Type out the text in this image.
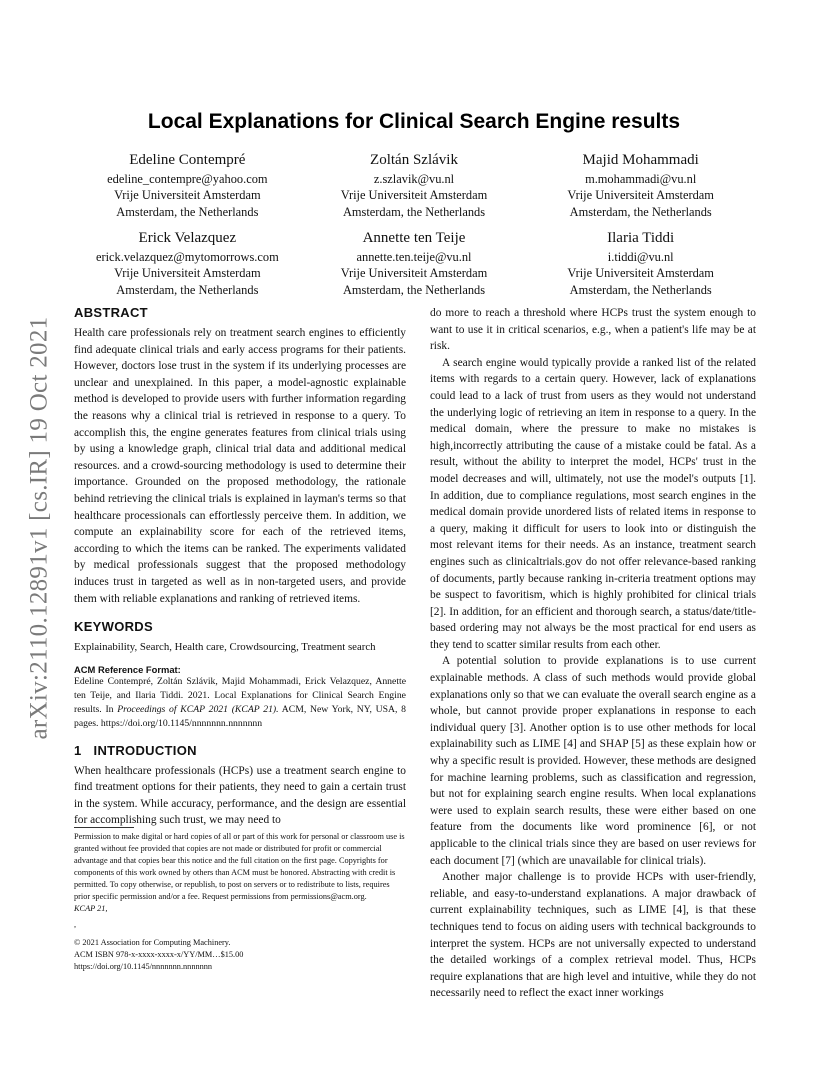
arXiv:2110.12891v1 [cs.IR] 19 Oct 2021
Local Explanations for Clinical Search Engine results
Edeline Contempré
edeline_contempre@yahoo.com
Vrije Universiteit Amsterdam
Amsterdam, the Netherlands
Zoltán Szlávik
z.szlavik@vu.nl
Vrije Universiteit Amsterdam
Amsterdam, the Netherlands
Majid Mohammadi
m.mohammadi@vu.nl
Vrije Universiteit Amsterdam
Amsterdam, the Netherlands
Erick Velazquez
erick.velazquez@mytomorrows.com
Vrije Universiteit Amsterdam
Amsterdam, the Netherlands
Annette ten Teije
annette.ten.teije@vu.nl
Vrije Universiteit Amsterdam
Amsterdam, the Netherlands
Ilaria Tiddi
i.tiddi@vu.nl
Vrije Universiteit Amsterdam
Amsterdam, the Netherlands
ABSTRACT

Health care professionals rely on treatment search engines to efficiently find adequate clinical trials and early access programs for their patients. However, doctors lose trust in the system if its underlying processes are unclear and unexplained. In this paper, a model-agnostic explainable method is developed to provide users with further information regarding the reasons why a clinical trial is retrieved in response to a query. To accomplish this, the engine generates features from clinical trials using by using a knowledge graph, clinical trial data and additional medical resources. and a crowd-sourcing methodology is used to determine their importance. Grounded on the proposed methodology, the rationale behind retrieving the clinical trials is explained in layman's terms so that healthcare processionals can effortlessly perceive them. In addition, we compute an explainability score for each of the retrieved items, according to which the items can be ranked. The experiments validated by medical professionals suggest that the proposed methodology induces trust in targeted as well as in non-targeted users, and provide them with reliable explanations and ranking of retrieved items.

KEYWORDS

Explainability, Search, Health care, Crowdsourcing, Treatment search

ACM Reference Format:

Edeline Contempré, Zoltán Szlávik, Majid Mohammadi, Erick Velazquez, Annette ten Teije, and Ilaria Tiddi. 2021. Local Explanations for Clinical Search Engine results. In Proceedings of KCAP 2021 (KCAP 21). ACM, New York, NY, USA, 8 pages. https://doi.org/10.1145/nnnnnnn.nnnnnnn

1 INTRODUCTION

When healthcare professionals (HCPs) use a treatment search engine to find treatment options for their patients, they need to gain a certain trust in the system. While accuracy, performance, and the design are essential for accomplishing such trust, we may need to

Permission to make digital or hard copies of all or part of this work for personal or classroom use is granted without fee provided that copies are not made or distributed for profit or commercial advantage and that copies bear this notice and the full citation on the first page. Copyrights for components of this work owned by others than ACM must be honored. Abstracting with credit is permitted. To copy otherwise, or republish, to post on servers or to redistribute to lists, requires prior specific permission and/or a fee. Request permissions from permissions@acm.org.

KCAP 21,

,

© 2021 Association for Computing Machinery.

ACM ISBN 978-x-xxxx-xxxx-x/YY/MM…$15.00

https://doi.org/10.1145/nnnnnnn.nnnnnnn

do more to reach a threshold where HCPs trust the system enough to want to use it in critical scenarios, e.g., when a patient's life may be at risk.

A search engine would typically provide a ranked list of the related items with regards to a certain query. However, lack of explanations could lead to a lack of trust from users as they would not understand the underlying logic of retrieving an item in response to a query. In the medical domain, where the pressure to make no mistakes is high,incorrectly attributing the cause of a mistake could be fatal. As a result, without the ability to interpret the model, HCPs' trust in the model decreases and will, ultimately, not use the model's outputs [1]. In addition, due to compliance regulations, most search engines in the medical domain provide unordered lists of related items in response to a query, making it difficult for users to look into or distinguish the most relevant items for their needs. As an instance, treatment search engines such as clinicaltrials.gov do not offer relevance-based ranking of documents, partly because ranking in-criteria treatment options may be suspect to favoritism, which is highly prohibited for clinical trials [2]. In addition, for an efficient and thorough search, a status/date/title-based ordering may not always be the most practical for end users as they tend to scatter similar results from each other.

A potential solution to provide explanations is to use current explainable methods. A class of such methods would provide global explanations only so that we can evaluate the overall search engine as a whole, but cannot provide proper explanations in response to each individual query [3]. Another option is to use other methods for local explainability such as LIME [4] and SHAP [5] as these explain how or why a specific result is provided. However, these methods are designed for machine learning problems, such as classification and regression, but not for explaining search engine results. When local explanations were used to explain search results, these were either based on one feature from the documents like word prominence [6], or not applicable to the clinical trials since they are based on user reviews for each document [7] (which are unavailable for clinical trials).

Another major challenge is to provide HCPs with user-friendly, reliable, and easy-to-understand explanations. A major drawback of current explainability techniques, such as LIME [4], is that these techniques tend to focus on aiding users with technical backgrounds to interpret the system. HCPs are not universally expected to understand the detailed workings of a complex retrieval model. Thus, HCPs require explanations that are high level and intuitive, while they do not necessarily need to reflect the exact inner workings
